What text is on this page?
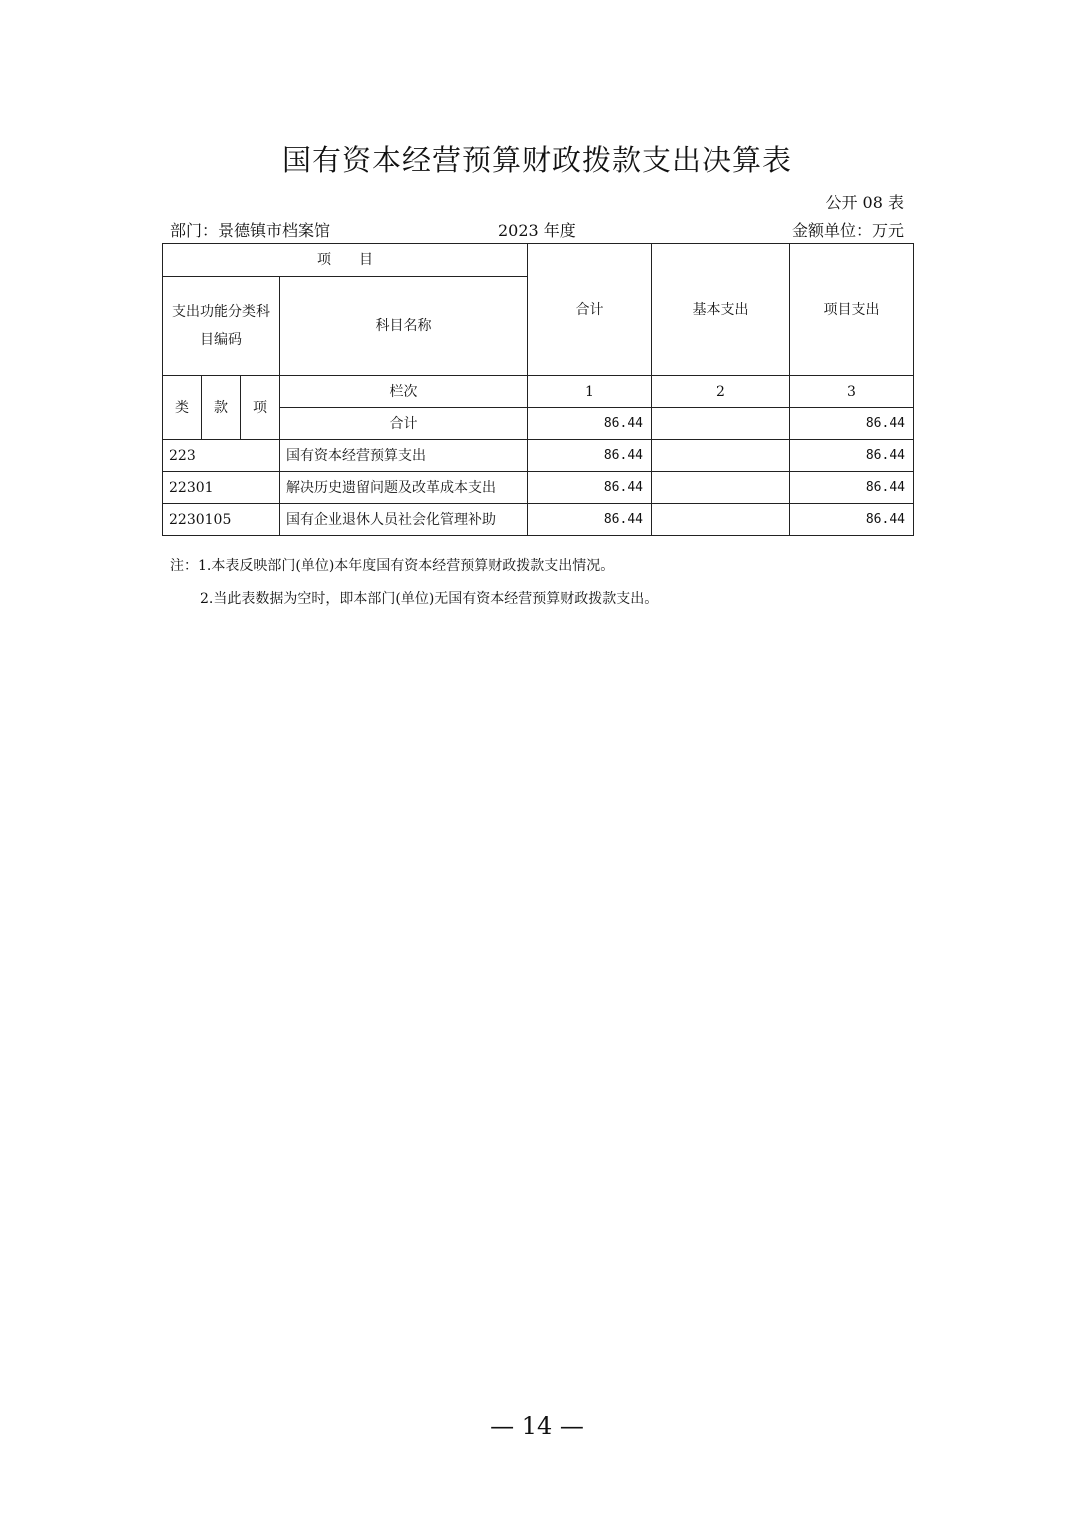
国有资本经营预算财政拨款支出决算表
公开 08 表
部门：景德镇市档案馆	2023 年度	金额单位：万元
项　　目				合计	基本支出	项目支出
支出功能分类科目编码			科目名称			
类	款	项	栏次	1	2	3
			合计	86.44		86.44
223			国有资本经营预算支出	86.44		86.44
22301			解决历史遗留问题及改革成本支出	86.44		86.44
2230105			国有企业退休人员社会化管理补助	86.44		86.44
注：1.本表反映部门(单位)本年度国有资本经营预算财政拨款支出情况。
2.当此表数据为空时，即本部门(单位)无国有资本经营预算财政拨款支出。
— 14 —
